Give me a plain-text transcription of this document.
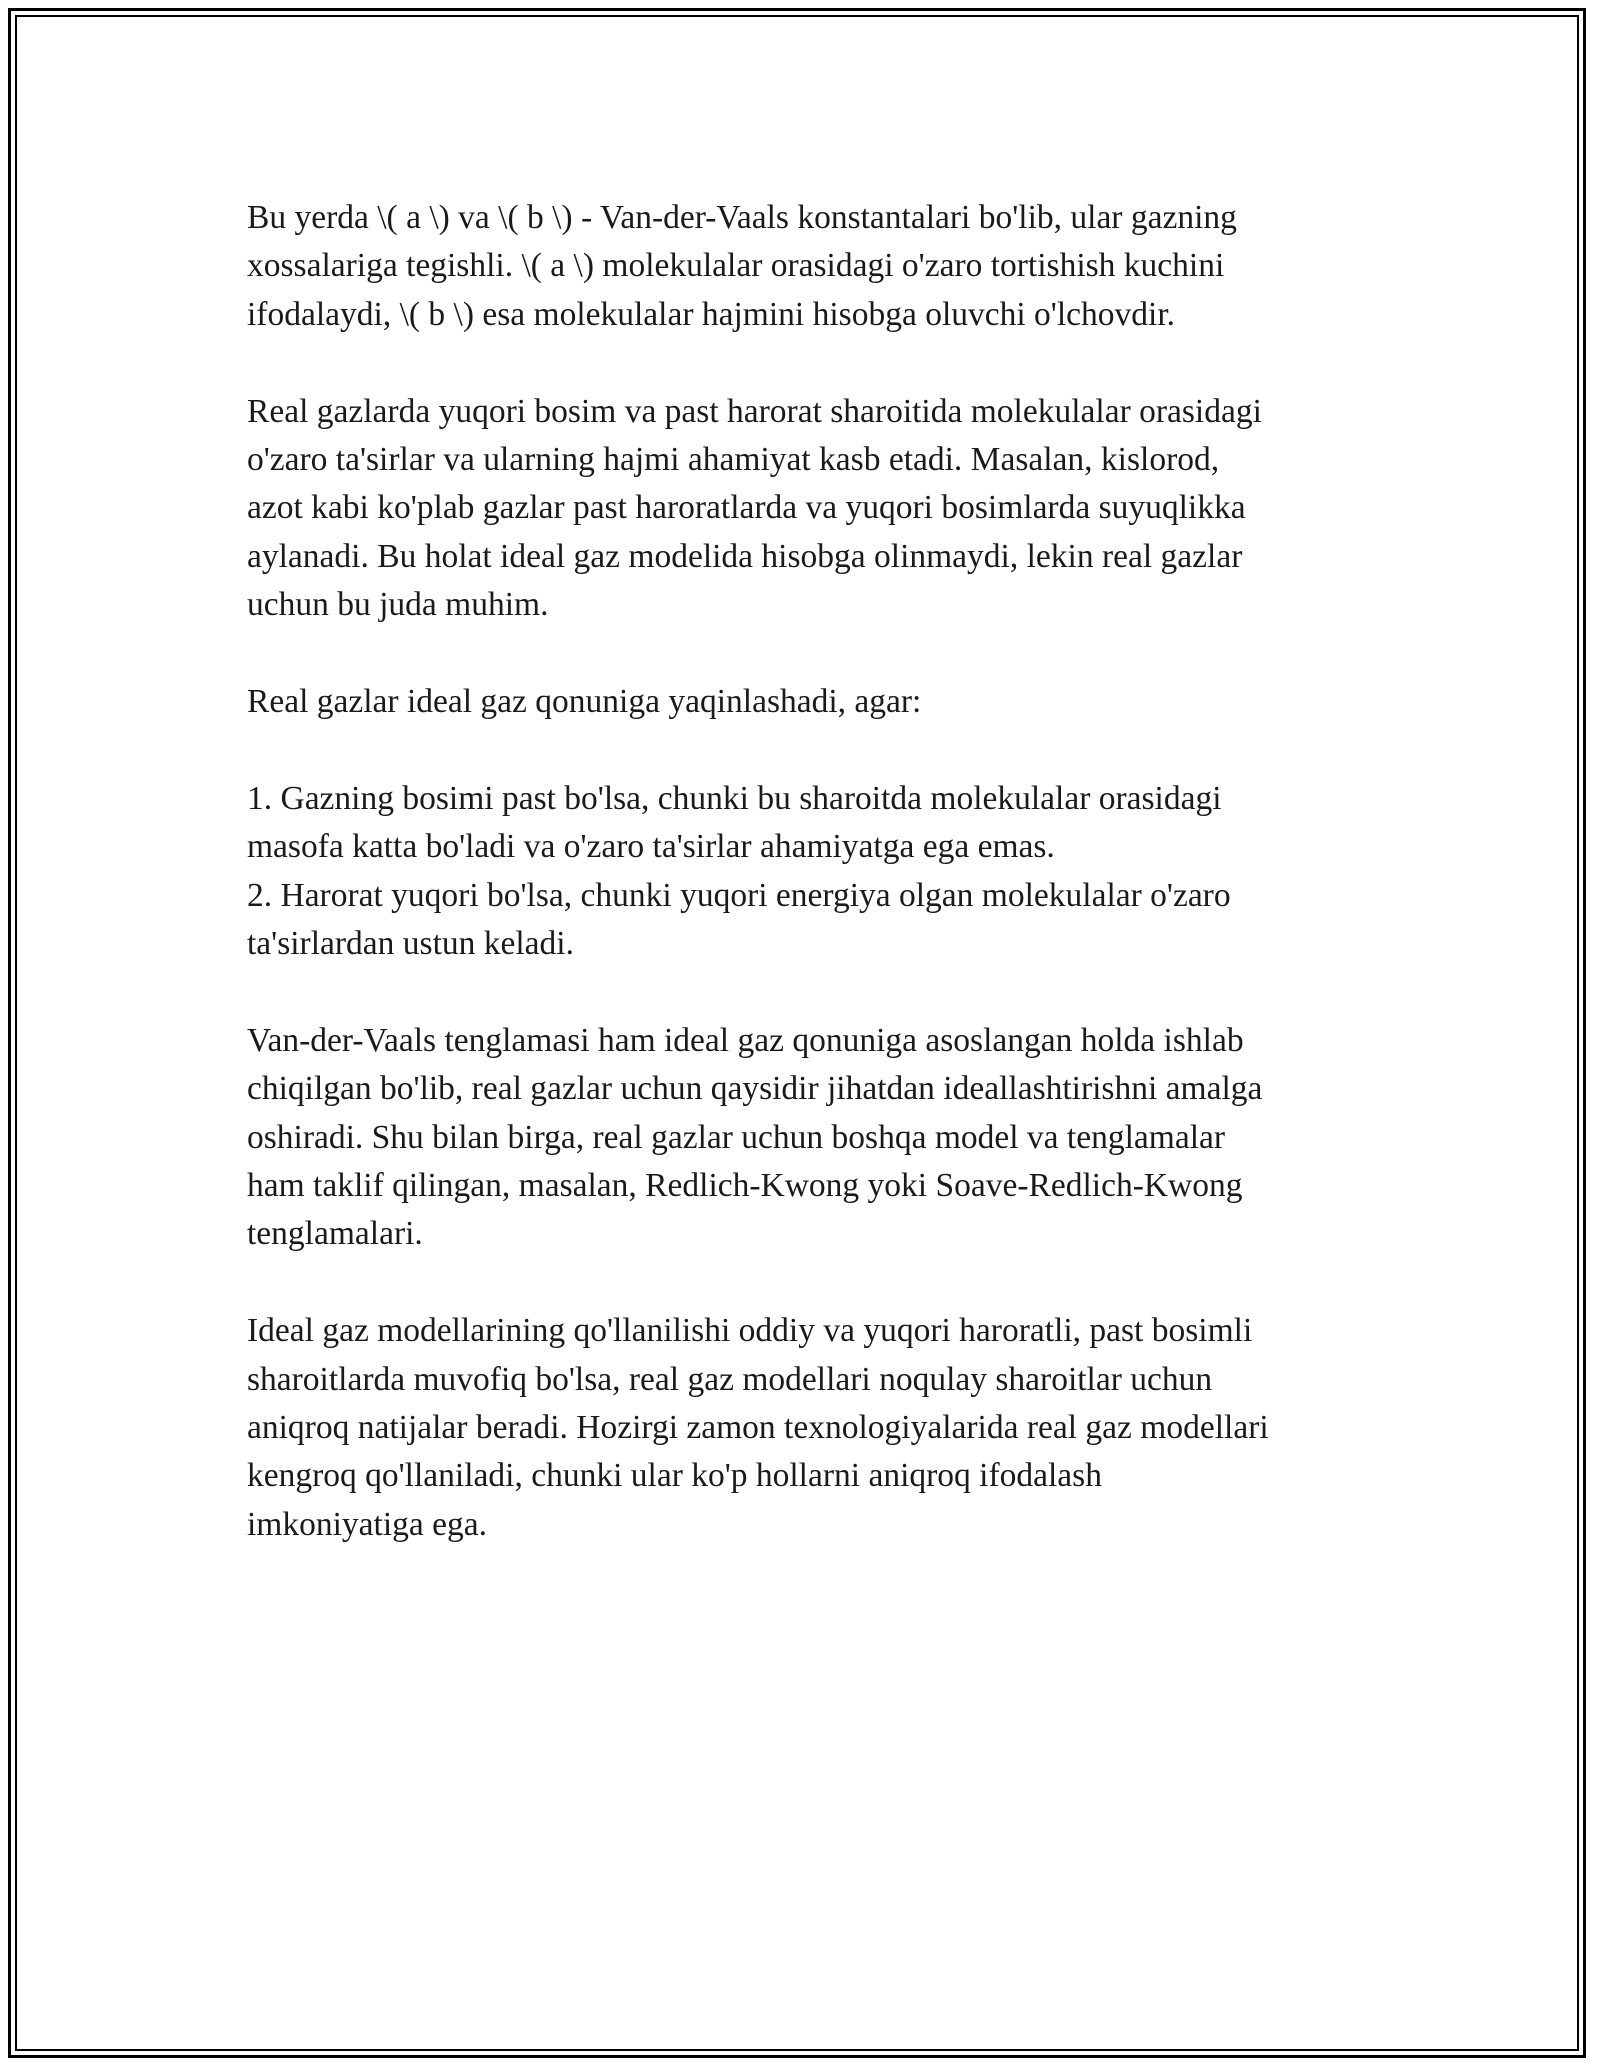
Bu yerda \( a \) va \( b \) - Van-der-Vaals konstantalari bo'lib, ular gazning
xossalariga tegishli. \( a \) molekulalar orasidagi o'zaro tortishish kuchini
ifodalaydi, \( b \) esa molekulalar hajmini hisobga oluvchi o'lchovdir.

Real gazlarda yuqori bosim va past harorat sharoitida molekulalar orasidagi
o'zaro ta'sirlar va ularning hajmi ahamiyat kasb etadi. Masalan, kislorod,
azot kabi ko'plab gazlar past haroratlarda va yuqori bosimlarda suyuqlikka
aylanadi. Bu holat ideal gaz modelida hisobga olinmaydi, lekin real gazlar
uchun bu juda muhim.

Real gazlar ideal gaz qonuniga yaqinlashadi, agar:

1. Gazning bosimi past bo'lsa, chunki bu sharoitda molekulalar orasidagi
masofa katta bo'ladi va o'zaro ta'sirlar ahamiyatga ega emas.
2. Harorat yuqori bo'lsa, chunki yuqori energiya olgan molekulalar o'zaro
ta'sirlardan ustun keladi.

Van-der-Vaals tenglamasi ham ideal gaz qonuniga asoslangan holda ishlab
chiqilgan bo'lib, real gazlar uchun qaysidir jihatdan ideallashtirishni amalga
oshiradi. Shu bilan birga, real gazlar uchun boshqa model va tenglamalar
ham taklif qilingan, masalan, Redlich-Kwong yoki Soave-Redlich-Kwong
tenglamalari.

Ideal gaz modellarining qo'llanilishi oddiy va yuqori haroratli, past bosimli
sharoitlarda muvofiq bo'lsa, real gaz modellari noqulay sharoitlar uchun
aniqroq natijalar beradi. Hozirgi zamon texnologiyalarida real gaz modellari
kengroq qo'llaniladi, chunki ular ko'p hollarni aniqroq ifodalash
imkoniyatiga ega.
